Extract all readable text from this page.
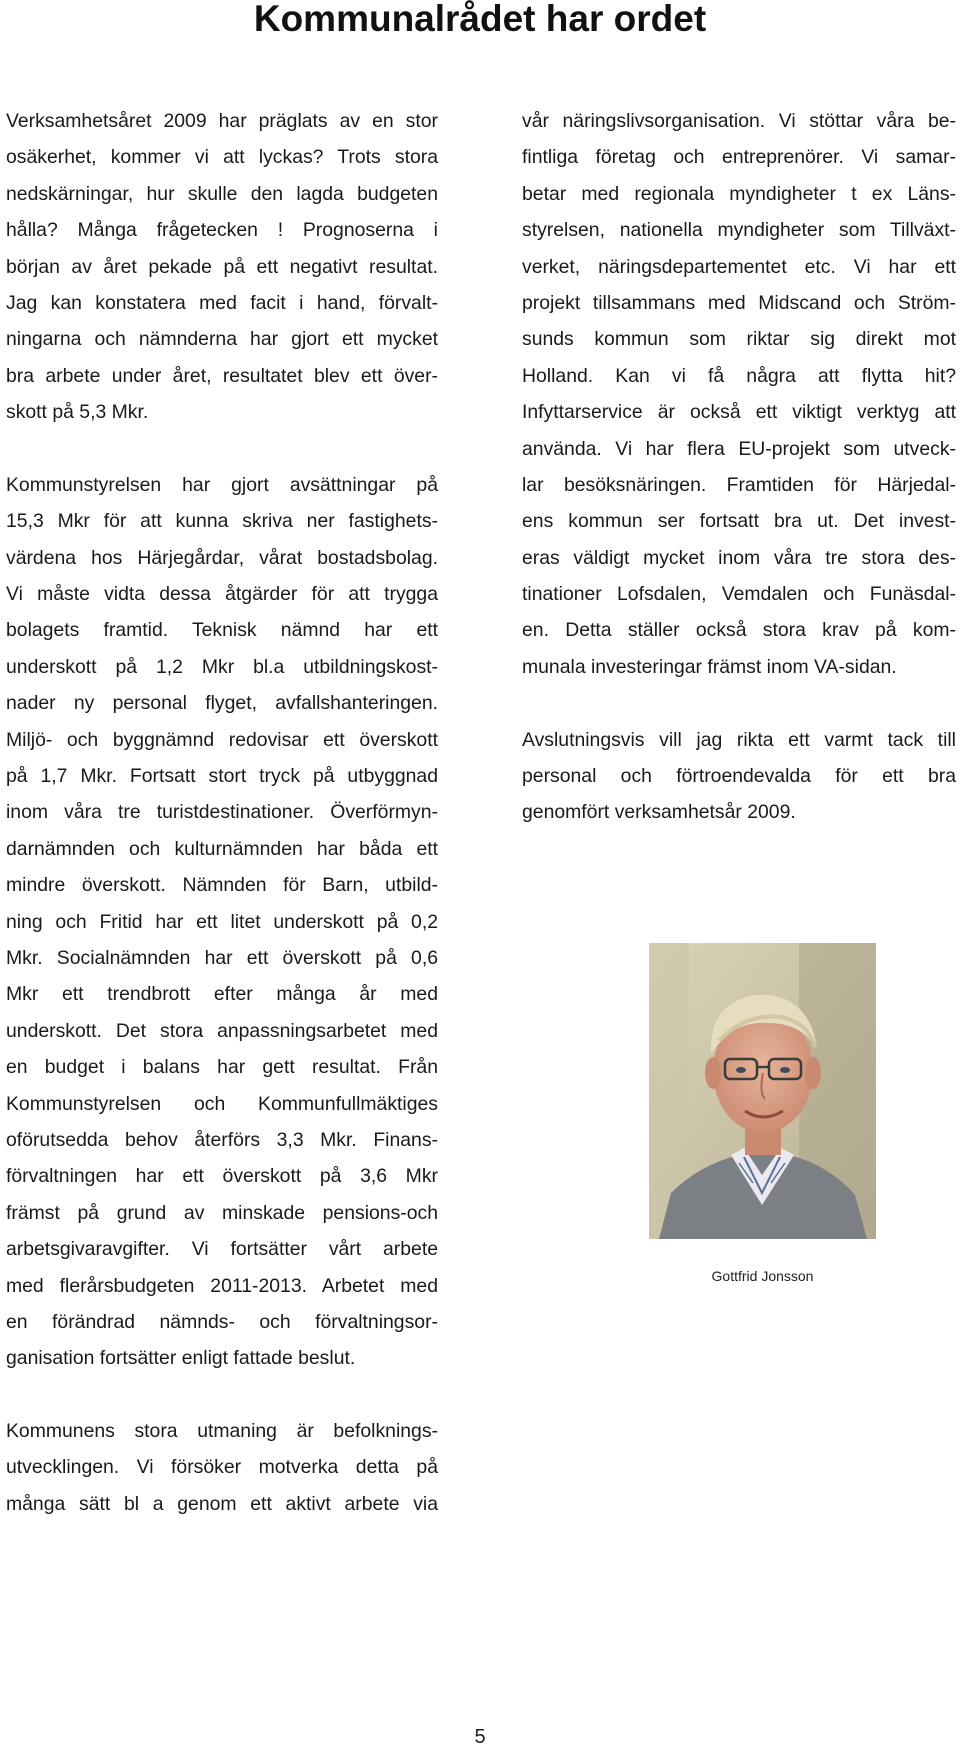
Kommunalrådet har ordet
Verksamhetsåret 2009 har präglats av en stor
osäkerhet, kommer vi att lyckas? Trots stora
nedskärningar, hur skulle den lagda budgeten
hålla? Många frågetecken ! Prognoserna i
början av året pekade på ett negativt resultat.
Jag kan konstatera med facit i hand, förvalt-
ningarna och nämnderna har gjort ett mycket
bra arbete under året, resultatet blev ett över-
skott på 5,3 Mkr.
Kommunstyrelsen har gjort avsättningar på
15,3 Mkr för att kunna skriva ner fastighets-
värdena hos Härjegårdar, vårat bostadsbolag.
Vi måste vidta dessa åtgärder för att trygga
bolagets framtid. Teknisk nämnd har ett
underskott på 1,2 Mkr bl.a utbildningskost-
nader ny personal flyget, avfallshanteringen.
Miljö- och byggnämnd redovisar ett överskott
på 1,7 Mkr. Fortsatt stort tryck på utbyggnad
inom våra tre turistdestinationer. Överförmyn-
darnämnden och kulturnämnden har båda ett
mindre överskott. Nämnden för Barn, utbild-
ning och Fritid har ett litet underskott på 0,2
Mkr. Socialnämnden har ett överskott på 0,6
Mkr ett trendbrott efter många år med
underskott. Det stora anpassningsarbetet med
en budget i balans har gett resultat. Från
Kommunstyrelsen och Kommunfullmäktiges
oförutsedda behov återförs 3,3 Mkr. Finans-
förvaltningen har ett överskott på 3,6 Mkr
främst på grund av minskade pensions-och
arbetsgivaravgifter. Vi fortsätter vårt arbete
med flerårsbudgeten 2011-2013. Arbetet med
en förändrad nämnds- och förvaltningsor-
ganisation fortsätter enligt fattade beslut.
Kommunens stora utmaning är befolknings-
utvecklingen. Vi försöker motverka detta på
många sätt bl a genom ett aktivt arbete via
vår näringslivsorganisation. Vi stöttar våra be-
fintliga företag och entreprenörer. Vi samar-
betar med regionala myndigheter t ex Läns-
styrelsen, nationella myndigheter som Tillväxt-
verket, näringsdepartementet etc. Vi har ett
projekt tillsammans med Midscand och Ström-
sunds kommun som riktar sig direkt mot
Holland. Kan vi få några att flytta hit?
Infyttarservice är också ett viktigt verktyg att
använda. Vi har flera EU-projekt som utveck-
lar besöksnäringen. Framtiden för Härjedal-
ens kommun ser fortsatt bra ut. Det invest-
eras väldigt mycket inom våra tre stora des-
tinationer Lofsdalen, Vemdalen och Funäsdal-
en. Detta ställer också stora krav på kom-
munala investeringar främst inom VA-sidan.
Avslutningsvis vill jag rikta ett varmt tack till
personal och förtroendevalda för ett bra
genomfört verksamhetsår 2009.
Gottfrid Jonsson
5
